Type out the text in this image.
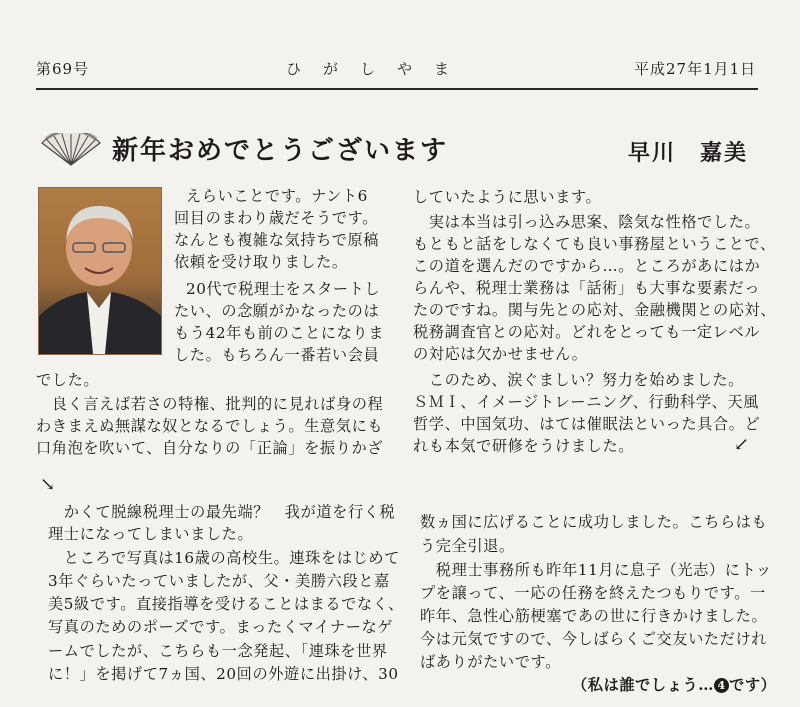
第69号	ひがしやま	平成27年1月1日
新年おめでとうございます	早川　嘉美
えらいことです。ナント6
回目のまわり歳だそうです。
なんとも複雑な気持ちで原稿
依頼を受け取りました。
20代で税理士をスタートし
たい、の念願がかなったのは
もう42年も前のことになりま
した。もちろん一番若い会員
でした。
　良く言えば若さの特権、批判的に見れば身の程
わきまえぬ無謀な奴となるでしょう。生意気にも
口角泡を吹いて、自分なりの「正論」を振りかざ
していたように思います。
　実は本当は引っ込み思案、陰気な性格でした。
もともと話をしなくても良い事務屋ということで、
この道を選んだのですから…。ところがあにはか
らんや、税理士業務は「話術」も大事な要素だっ
たのですね。関与先との応対、金融機関との応対、
税務調査官との応対。どれをとっても一定レベル
の対応は欠かせません。
　このため、涙ぐましい？努力を始めました。
ＳＭＩ、イメージトレーニング、行動科学、天風
哲学、中国気功、はては催眠法といった具合。ど
れも本気で研修をうけました。
↘
↙
　かくて脱線税理士の最先端？　我が道を行く税
理士になってしまいました。
　ところで写真は16歳の高校生。連珠をはじめて
3年ぐらいたっていましたが、父・美勝六段と嘉
美5級です。直接指導を受けることはまるでなく、
写真のためのポーズです。まったくマイナーなゲ
ームでしたが、こちらも一念発起、「連珠を世界
に！」を掲げて7ヵ国、20回の外遊に出掛け、30
数ヵ国に広げることに成功しました。こちらはも
う完全引退。
　税理士事務所も昨年11月に息子（光志）にトッ
プを譲って、一応の任務を終えたつもりです。一
昨年、急性心筋梗塞であの世に行きかけました。
今は元気ですので、今しばらくご交友いただけれ
ばありがたいです。
（私は誰でしょう… 4 です）
